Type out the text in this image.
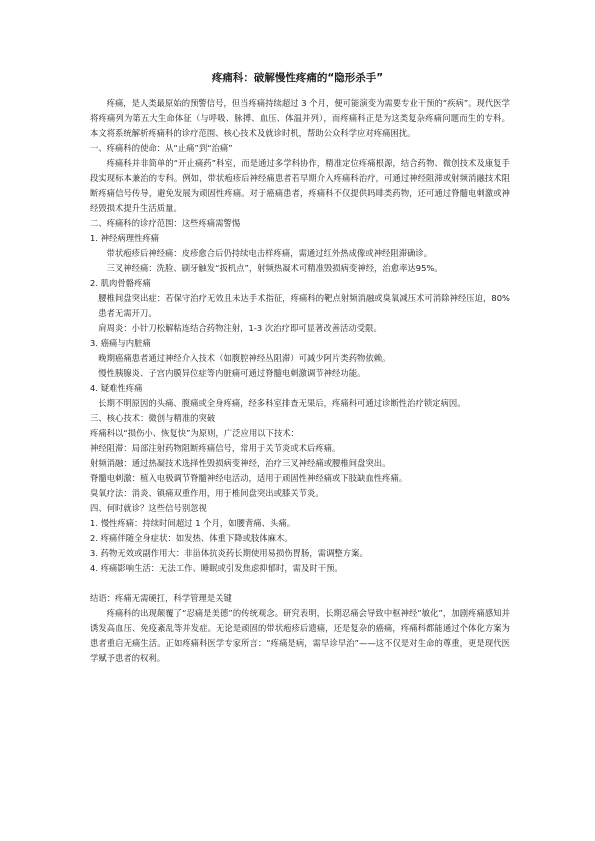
疼痛科：破解慢性疼痛的“隐形杀手”

疼痛，是人类最原始的预警信号，但当疼痛持续超过 3 个月，便可能演变为需要专业干预的“疾病”。现代医学将疼痛列为第五大生命体征（与呼吸、脉搏、血压、体温并列），而疼痛科正是为这类复杂疼痛问题而生的专科。本文将系统解析疼痛科的诊疗范围、核心技术及就诊时机，帮助公众科学应对疼痛困扰。

一、疼痛科的使命：从“止痛”到“治痛”

疼痛科并非简单的“开止痛药”科室，而是通过多学科协作，精准定位疼痛根源，结合药物、微创技术及康复手段实现标本兼治的专科。例如，带状疱疹后神经痛患者若早期介入疼痛科治疗，可通过神经阻滞或射频消融技术阻断疼痛信号传导，避免发展为顽固性疼痛。对于癌痛患者，疼痛科不仅提供吗啡类药物，还可通过脊髓电刺激或神经毁损术提升生活质量。

二、疼痛科的诊疗范围：这些疼痛需警惕

1. 神经病理性疼痛

带状疱疹后神经痛：皮疹愈合后仍持续电击样疼痛，需通过红外热成像或神经阻滞确诊。

三叉神经痛：洗脸、刷牙触发“扳机点”，射频热凝术可精准毁损病变神经，治愈率达95%。

2. 肌肉骨骼疼痛

腰椎间盘突出症：若保守治疗无效且未达手术指征，疼痛科的靶点射频消融或臭氧减压术可消除神经压迫，80%患者无需开刀。

肩周炎：小针刀松解粘连结合药物注射，1-3 次治疗即可显著改善活动受限。

3. 癌痛与内脏痛

晚期癌痛患者通过神经介入技术（如腹腔神经丛阻滞）可减少阿片类药物依赖。

慢性胰腺炎、子宫内膜异位症等内脏痛可通过脊髓电刺激调节神经功能。

4. 疑难性疼痛

长期不明原因的头痛、腹痛或全身疼痛，经多科室排查无果后，疼痛科可通过诊断性治疗锁定病因。

三、核心技术：微创与精准的突破

疼痛科以“损伤小、恢复快”为原则，广泛应用以下技术：

神经阻滞：局部注射药物阻断疼痛信号，常用于关节炎或术后疼痛。

射频消融：通过热凝技术选择性毁损病变神经，治疗三叉神经痛或腰椎间盘突出。

脊髓电刺激：植入电极调节脊髓神经电活动，适用于顽固性神经痛或下肢缺血性疼痛。

臭氧疗法：消炎、镇痛双重作用，用于椎间盘突出或膝关节炎。

四、何时就诊？这些信号别忽视

1. 慢性疼痛：持续时间超过 1 个月，如腰背痛、头痛。

2. 疼痛伴随全身症状：如发热、体重下降或肢体麻木。

3. 药物无效或副作用大：非甾体抗炎药长期使用易损伤胃肠，需调整方案。

4. 疼痛影响生活：无法工作、睡眠或引发焦虑抑郁时，需及时干预。

结语：疼痛无需硬扛，科学管理是关键

疼痛科的出现颠覆了“忍痛是美德”的传统观念。研究表明，长期忍痛会导致中枢神经“敏化”，加剧疼痛感知并诱发高血压、免疫紊乱等并发症。无论是顽固的带状疱疹后遗痛，还是复杂的癌痛，疼痛科都能通过个体化方案为患者重启无痛生活。正如疼痛科医学专家所言：“疼痛是病，需早诊早治”——这不仅是对生命的尊重，更是现代医学赋予患者的权利。
